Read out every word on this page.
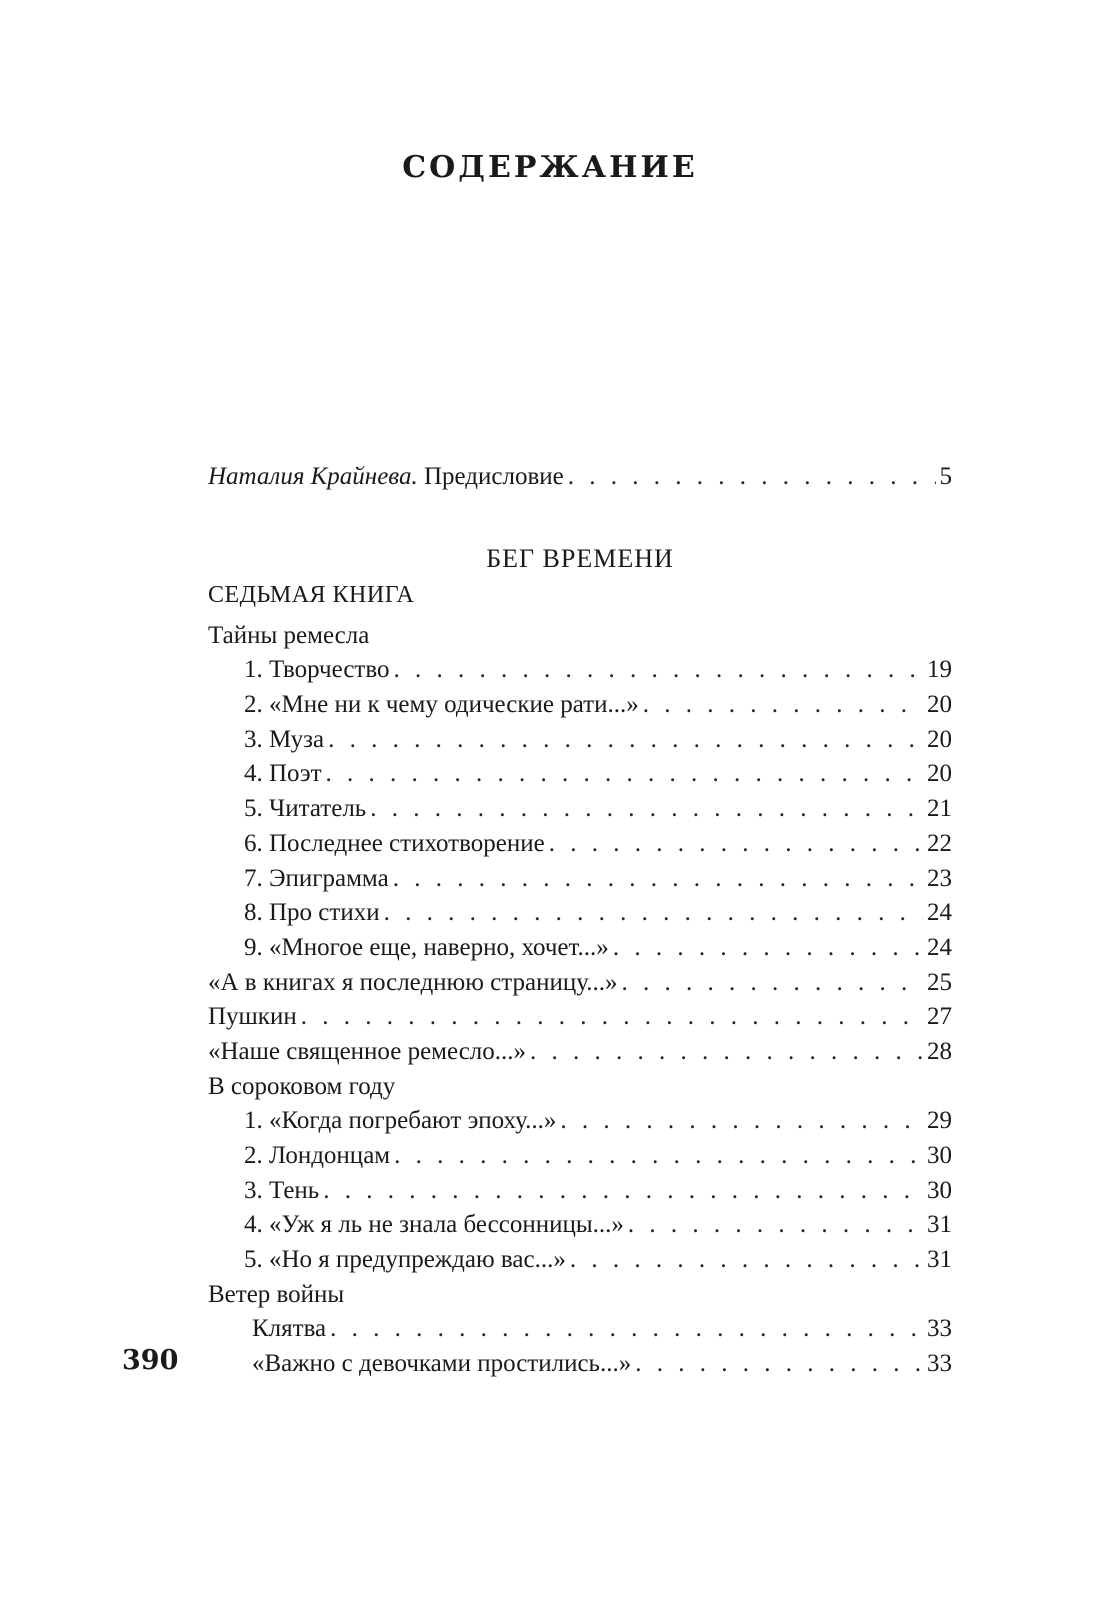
СОДЕРЖАНИЕ
Наталия Крайнева. Предисловие . . .	5
БЕГ ВРЕМЕНИ
СЕДЬМАЯ КНИГА
Тайны ремесла
1. Творчество . . .	19
2. «Мне ни к чему одические рати...» . . .	20
3. Муза . . .	20
4. Поэт . . .	20
5. Читатель . . .	21
6. Последнее стихотворение . . .	22
7. Эпиграмма . . .	23
8. Про стихи . . .	24
9. «Многое еще, наверно, хочет...» . . .	24
«А в книгах я последнюю страницу...» . . .	25
Пушкин . . .	27
«Наше священное ремесло...» . . .	28
В сороковом году
1. «Когда погребают эпоху...» . . .	29
2. Лондонцам . . .	30
3. Тень . . .	30
4. «Уж я ль не знала бессонницы...» . . .	31
5. «Но я предупреждаю вас...» . . .	31
Ветер войны
Клятва . . .	33
«Важно с девочками простились...» . . .	33
390
